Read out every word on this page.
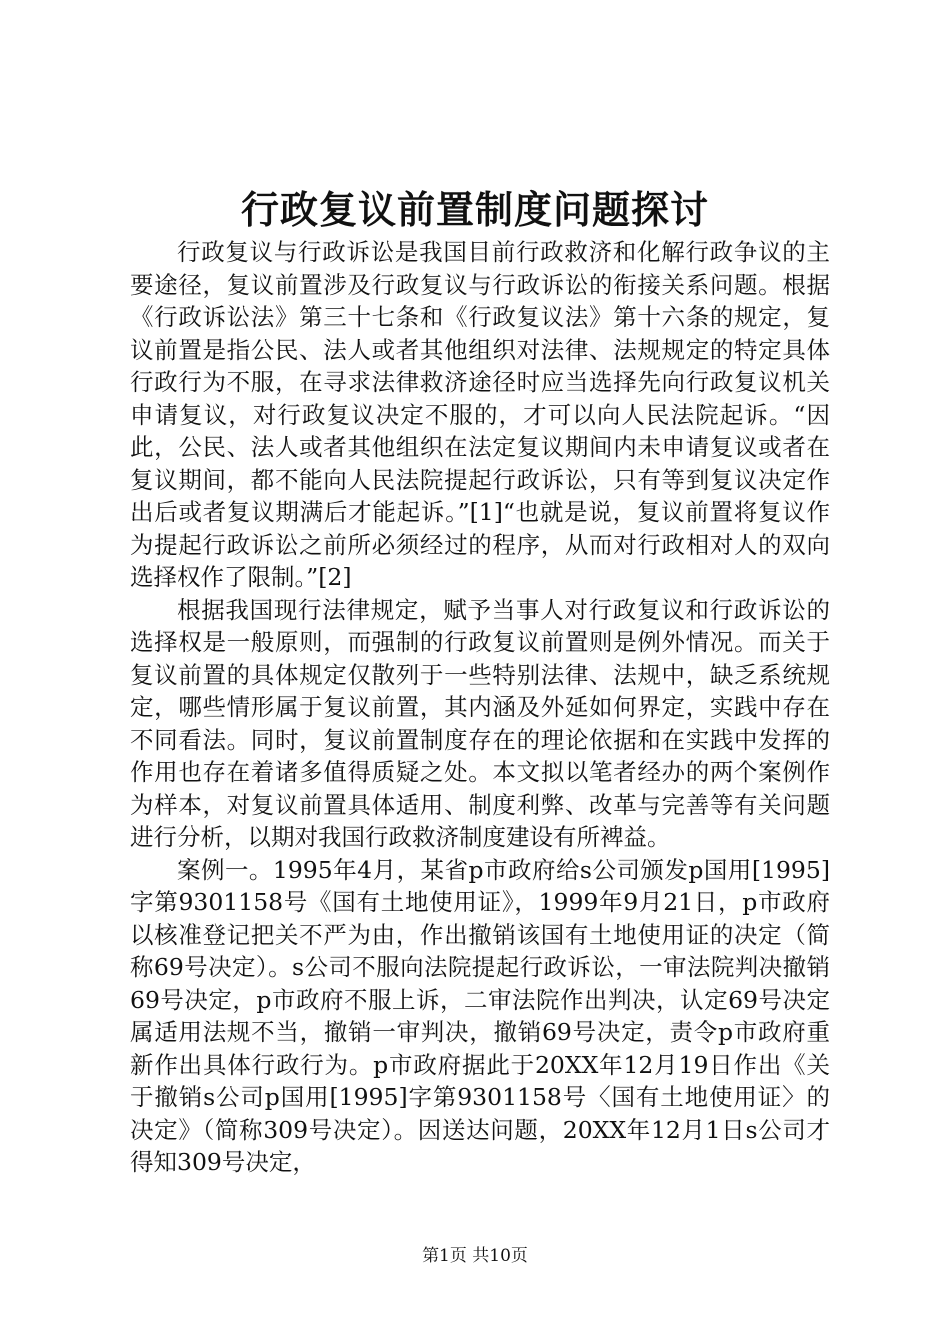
行政复议前置制度问题探讨

行政复议与行政诉讼是我国目前行政救济和化解行政争议的主要途径，复议前置涉及行政复议与行政诉讼的衔接关系问题。根据《行政诉讼法》第三十七条和《行政复议法》第十六条的规定，复议前置是指公民、法人或者其他组织对法律、法规规定的特定具体行政行为不服，在寻求法律救济途径时应当选择先向行政复议机关申请复议，对行政复议决定不服的，才可以向人民法院起诉。“因此，公民、法人或者其他组织在法定复议期间内未申请复议或者在复议期间，都不能向人民法院提起行政诉讼，只有等到复议决定作出后或者复议期满后才能起诉。”[1]“也就是说，复议前置将复议作为提起行政诉讼之前所必须经过的程序，从而对行政相对人的双向选择权作了限制。”[2]

根据我国现行法律规定，赋予当事人对行政复议和行政诉讼的选择权是一般原则，而强制的行政复议前置则是例外情况。而关于复议前置的具体规定仅散列于一些特别法律、法规中，缺乏系统规定，哪些情形属于复议前置，其内涵及外延如何界定，实践中存在不同看法。同时，复议前置制度存在的理论依据和在实践中发挥的作用也存在着诸多值得质疑之处。本文拟以笔者经办的两个案例作为样本，对复议前置具体适用、制度利弊、改革与完善等有关问题进行分析，以期对我国行政救济制度建设有所裨益。

案例一。1995年4月，某省p市政府给s公司颁发p国用[1995]字第9301158号《国有土地使用证》，1999年9月21日，p市政府以核准登记把关不严为由，作出撤销该国有土地使用证的决定（简称69号决定）。s公司不服向法院提起行政诉讼，一审法院判决撤销69号决定，p市政府不服上诉，二审法院作出判决，认定69号决定属适用法规不当，撤销一审判决，撤销69号决定，责令p市政府重新作出具体行政行为。p市政府据此于20XX年12月19日作出《关于撤销s公司p国用[1995]字第9301158号〈国有土地使用证〉的决定》（简称309号决定）。因送达问题，20XX年12月1日s公司才得知309号决定，

第1页 共10页
